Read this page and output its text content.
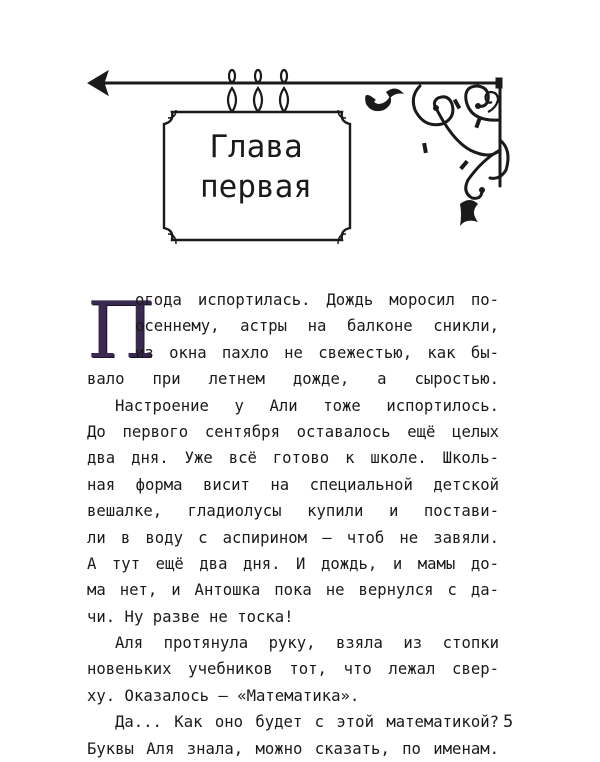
Глава
первая
П
огода испортилась. Дождь моросил по-
осеннему, астры на балконе сникли,
из окна пахло не свежестью, как бы-
вало при летнем дожде, а сыростью.
Настроение у Али тоже испортилось.
До первого сентября оставалось ещё целых
два дня. Уже всё готово к школе. Школь-
ная форма висит на специальной детской
вешалке, гладиолусы купили и постави-
ли в воду с аспирином — чтоб не завяли.
А тут ещё два дня. И дождь, и мамы до-
ма нет, и Антошка пока не вернулся с да-
чи. Ну разве не тоска!
Аля протянула руку, взяла из стопки
новеньких учебников тот, что лежал свер-
ху. Оказалось — «Математика».
Да... Как оно будет с этой математикой?
Буквы Аля знала, можно сказать, по именам.
5
